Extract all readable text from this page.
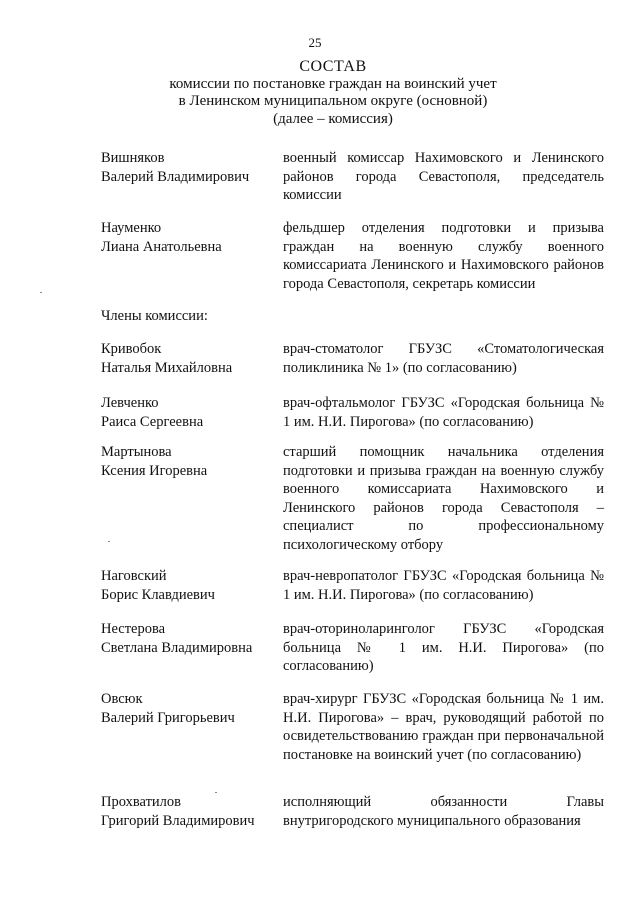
25
СОСТАВ
комиссии по постановке граждан на воинский учет
в Ленинском муниципальном округе (основной)
(далее – комиссия)
Вишняков
Валерий Владимирович
военный комиссар Нахимовского и Ленинского районов города Севастополя, председатель комиссии
Науменко
Лиана Анатольевна
фельдшер отделения подготовки и призыва граждан на военную службу военного комиссариата Ленинского и Нахимовского районов города Севастополя, секретарь комиссии
Члены комиссии:
Кривобок
Наталья Михайловна
врач-стоматолог ГБУЗС «Стоматологическая поликлиника № 1» (по согласованию)
Левченко
Раиса Сергеевна
врач-офтальмолог ГБУЗС «Городская больница № 1 им. Н.И. Пирогова» (по согласованию)
Мартынова
Ксения Игоревна
старший помощник начальника отделения подготовки и призыва граждан на военную службу военного комиссариата Нахимовского и Ленинского районов города Севастополя – специалист по профессиональному психологическому отбору
Наговский
Борис Клавдиевич
врач-невропатолог ГБУЗС «Городская больница № 1 им. Н.И. Пирогова» (по согласованию)
Нестерова
Светлана Владимировна
врач-оториноларинголог ГБУЗС «Городская больница № 1 им. Н.И. Пирогова» (по согласованию)
Овсюк
Валерий Григорьевич
врач-хирург ГБУЗС «Городская больница № 1 им. Н.И. Пирогова» – врач, руководящий работой по освидетельствованию граждан при первоначальной постановке на воинский учет (по согласованию)
Прохватилов
Григорий Владимирович
исполняющий обязанности Главы внутригородского муниципального образования
